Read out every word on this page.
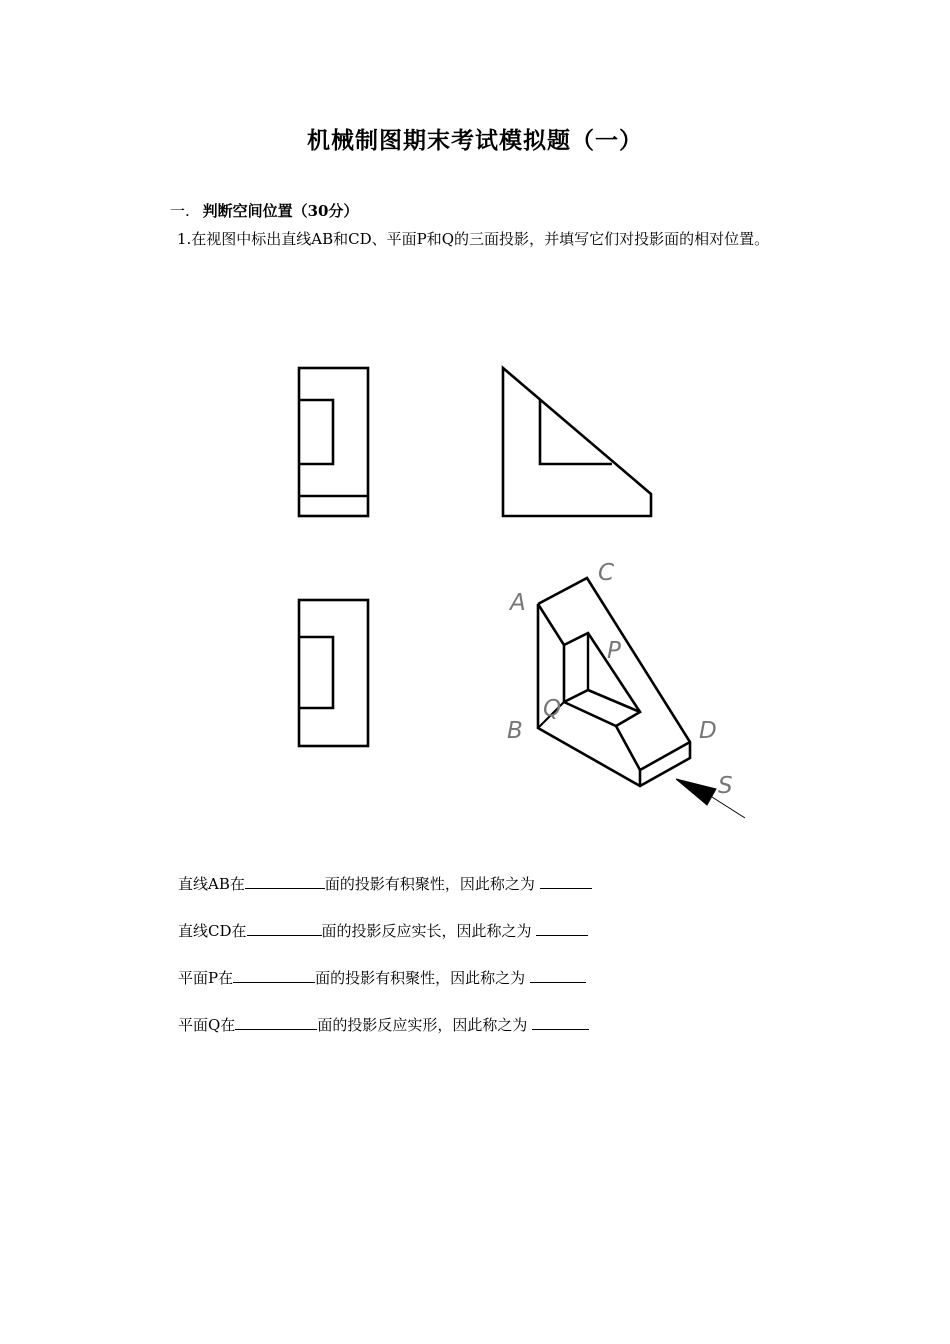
机械制图期末考试模拟题（一）
一. 判断空间位置（30分）
1.在视图中标出直线AB和CD、平面P和Q的三面投影，并填写它们对投影面的相对位置。
A
C
P
Q
B	D
S
直线AB在	面的投影有积聚性，因此称之为
直线CD在	面的投影反应实长，因此称之为
平面P在	面的投影有积聚性，因此称之为
平面Q在	面的投影反应实形，因此称之为
